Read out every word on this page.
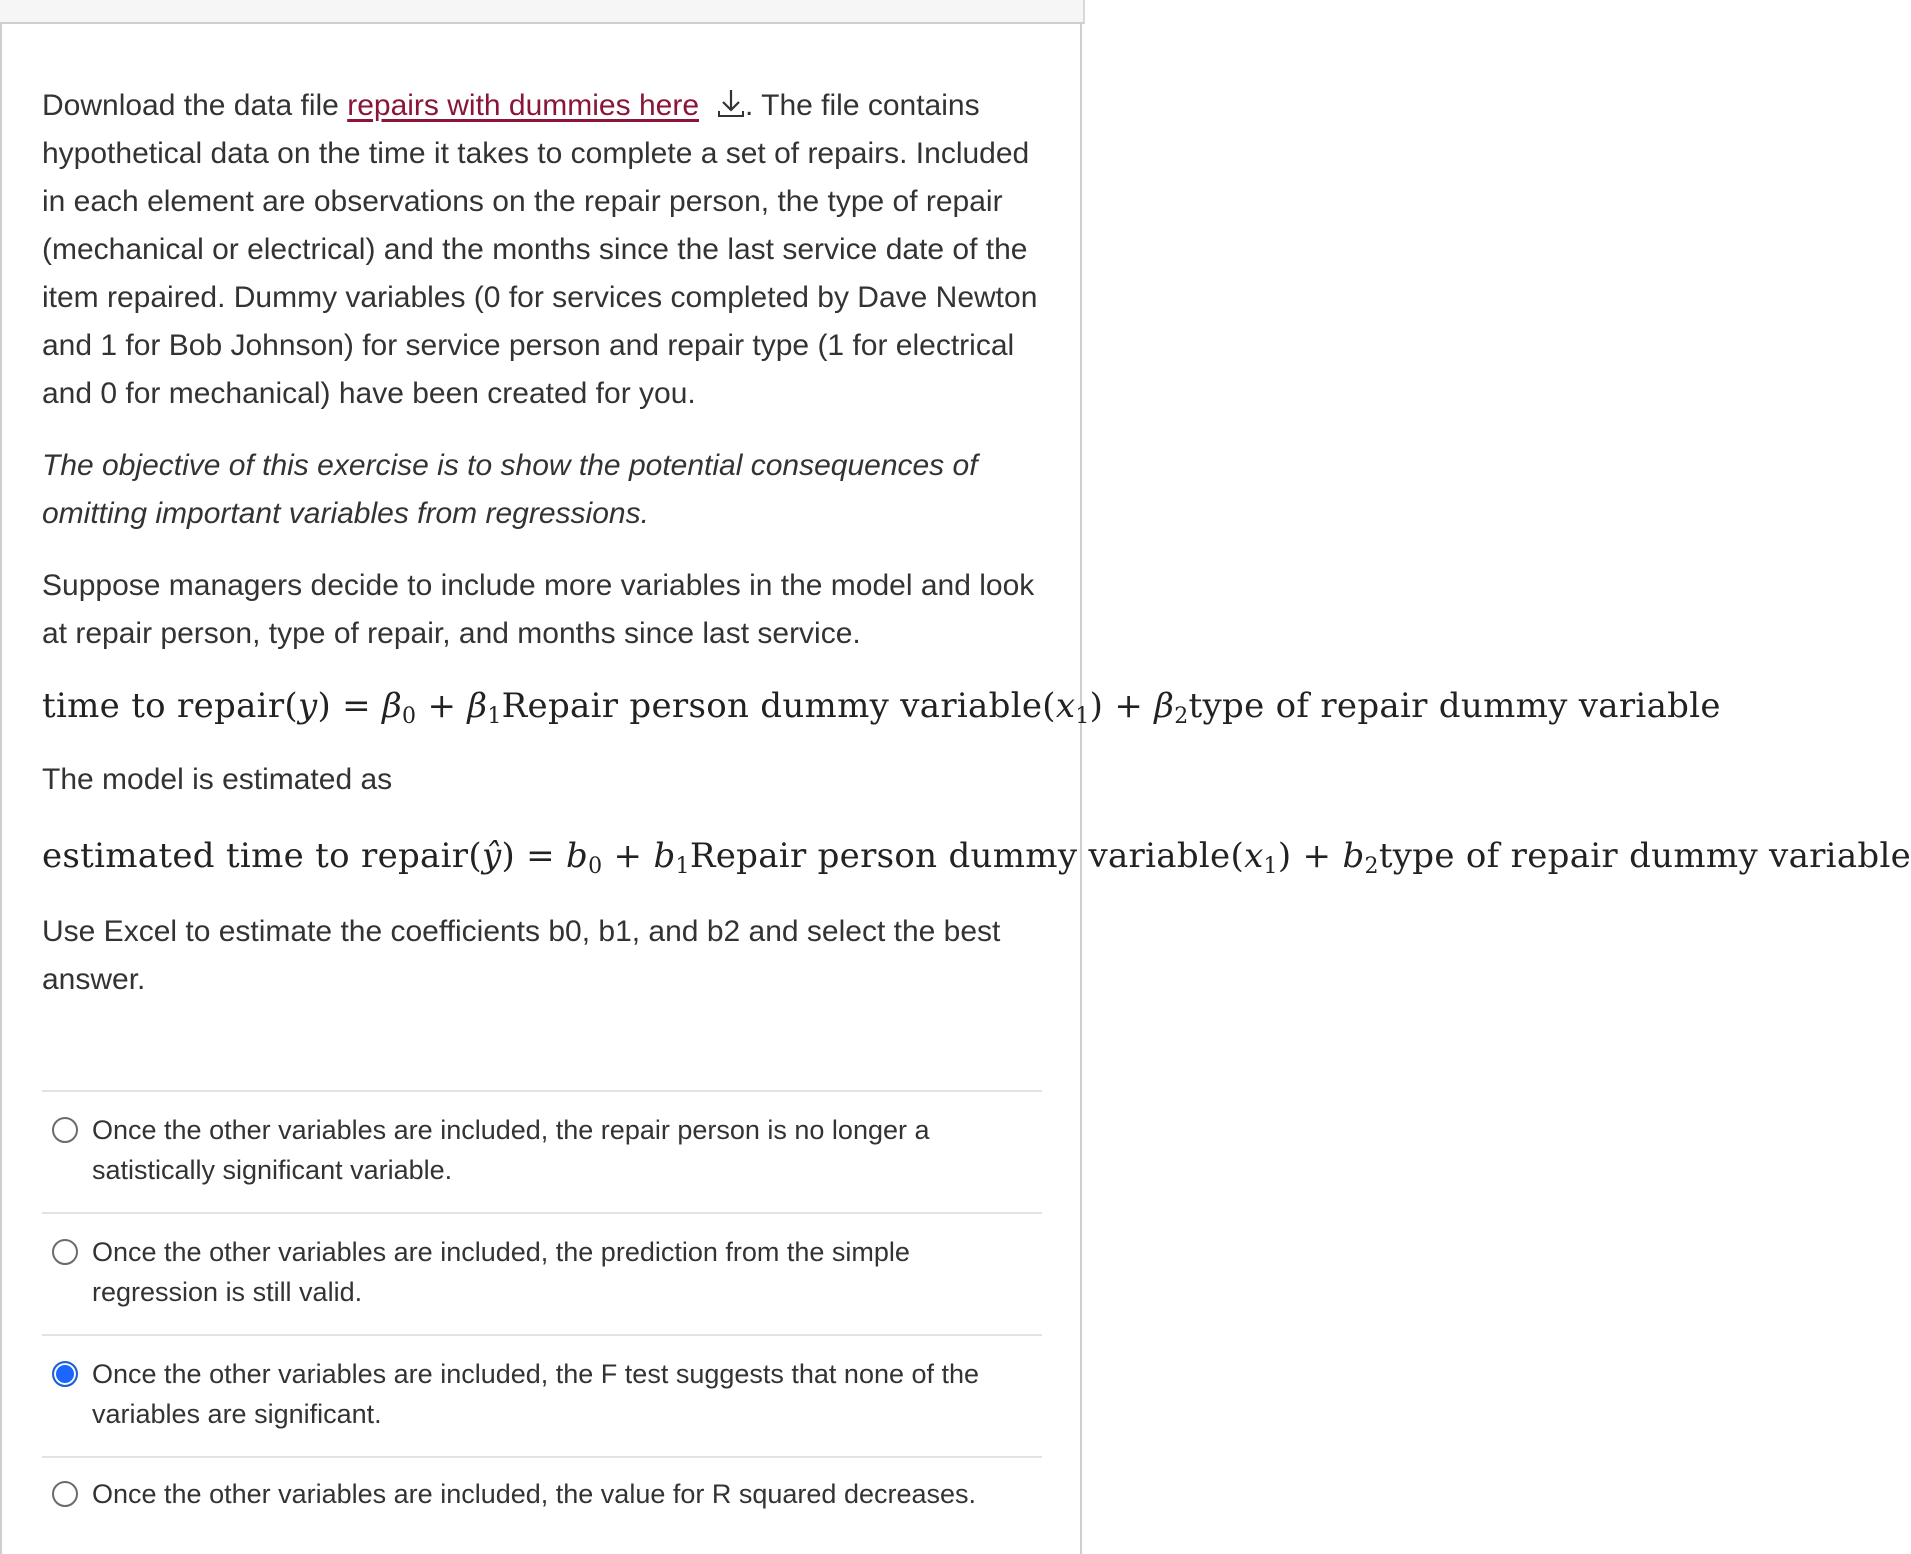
Download the data file repairs with dummies here . The file contains hypothetical data on the time it takes to complete a set of repairs. Included in each element are observations on the repair person, the type of repair (mechanical or electrical) and the months since the last service date of the item repaired. Dummy variables (0 for services completed by Dave Newton and 1 for Bob Johnson) for service person and repair type (1 for electrical and 0 for mechanical) have been created for you.

The objective of this exercise is to show the potential consequences of omitting important variables from regressions.

Suppose managers decide to include more variables in the model and look at repair person, type of repair, and months since last service.

time to repair(y) = $\beta_0$ + $\beta_1Repair$ person dummy $variable(x_1)$ + $\beta_2type$ of repair dummy variable

The model is estimated as

estimated time to repair(ŷ) = $b_0$ + $b_1Repair$ person dummy $variable(x_1)$ + $b_2type$ of repair dummy variable

Use Excel to estimate the coefficients b0, b1, and b2 and select the best answer.

Once the other variables are included, the repair person is no longer a satistically significant variable.
Once the other variables are included, the prediction from the simple regression is still valid.
Once the other variables are included, the F test suggests that none of the variables are significant.
Once the other variables are included, the value for R squared decreases.
